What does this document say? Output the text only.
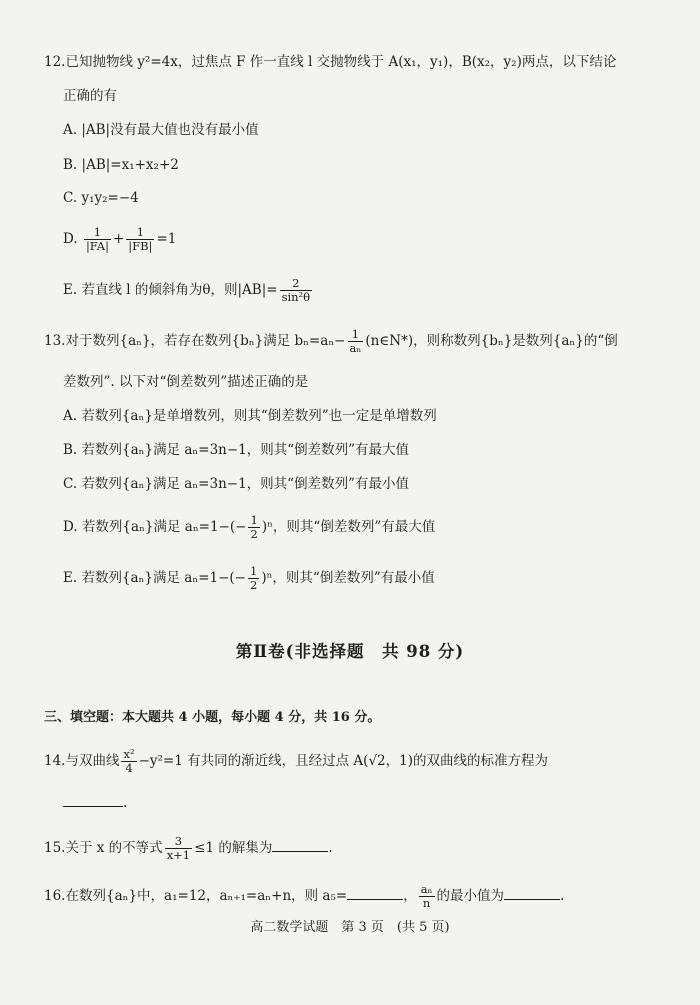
12.已知抛物线 y²=4x，过焦点 F 作一直线 l 交抛物线于 A(x₁，y₁)，B(x₂，y₂)两点，以下结论
正确的有
A. |AB|没有最大值也没有最小值
B. |AB|=x₁+x₂+2
C. y₁y₂=−4
D. $\frac{1}{|FA|} + \frac{1}{|FB|} =1$
E. 若直线 l 的倾斜角为θ，则$|AB|= \frac{2}{\text{sin²θ}}$
13.对于数列{aₙ}，若存在数列{bₙ}满足 $b_n=a_n- \frac{1}{\text{aₙ}}$ (n∈N*)，则称数列{bₙ}是数列{aₙ}的“倒
差数列”. 以下对“倒差数列”描述正确的是
A. 若数列{aₙ}是单增数列，则其“倒差数列”也一定是单增数列
B. 若数列{aₙ}满足 aₙ=3n−1，则其“倒差数列”有最大值
C. 若数列{aₙ}满足 aₙ=3n−1，则其“倒差数列”有最小值
D. 若数列{aₙ}满足 $a_n=1-(- \frac{1}{2} )^n$，则其“倒差数列”有最大值
E. 若数列{aₙ}满足 $a_n=1-(- \frac{1}{2} )^n$，则其“倒差数列”有最小值
第Ⅱ卷(非选择题　共 98 分)
三、填空题：本大题共 4 小题，每小题 4 分，共 16 分。
14.与双曲线 $\frac{\text{x²}}{4} -y^2=1$ 有共同的渐近线，且经过点 A(√2，1)的双曲线的标准方程为
.
15.关于 x 的不等式 $\frac{3}{x+1} \le 1$ 的解集为	.
16.在数列{aₙ}中，a₁=12，aₙ₊₁=aₙ+n，则 a₅=	， $\frac{\text{aₙ}}{n}$ 的最小值为	.
高二数学试题　第 3 页　(共 5 页)
